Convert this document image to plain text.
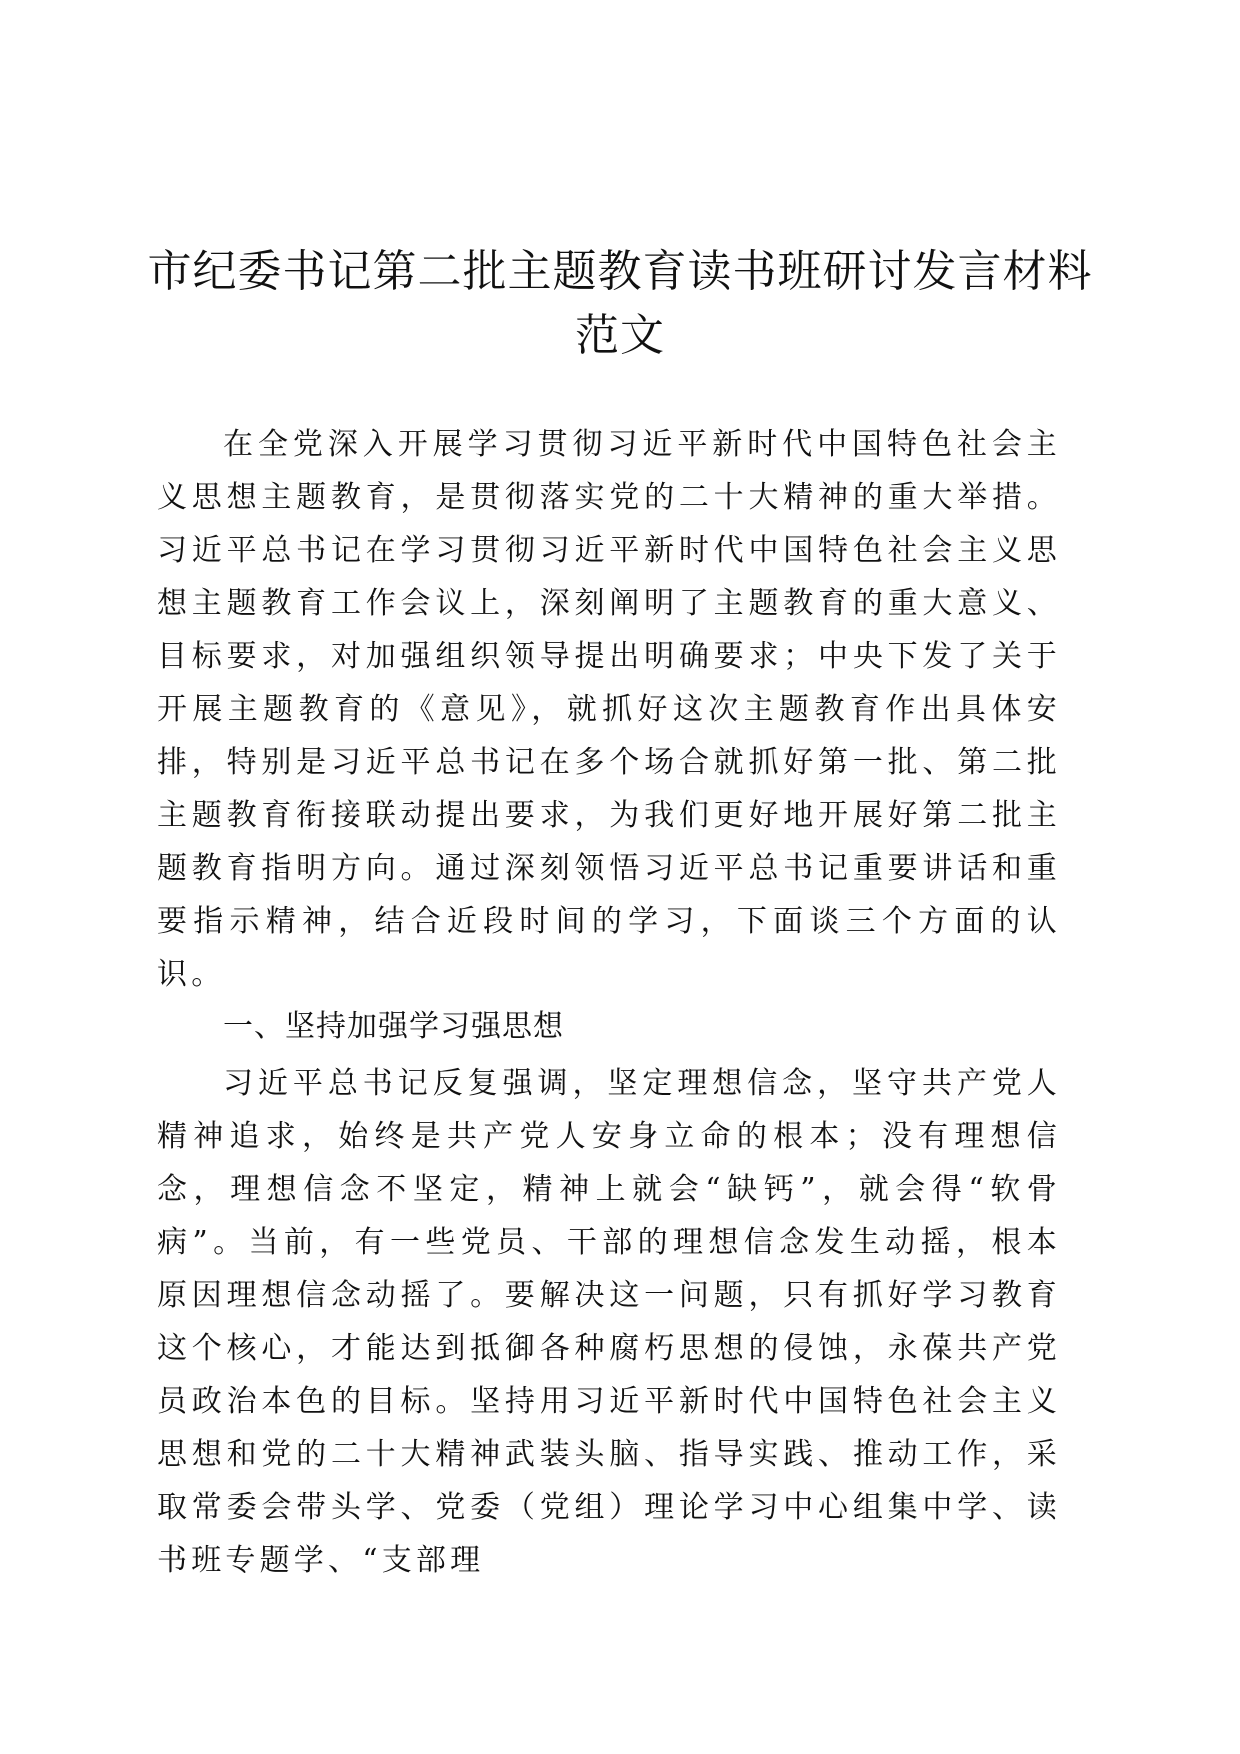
市纪委书记第二批主题教育读书班研讨发言材料范文

在全党深入开展学习贯彻习近平新时代中国特色社会主义思想主题教育，是贯彻落实党的二十大精神的重大举措。习近平总书记在学习贯彻习近平新时代中国特色社会主义思想主题教育工作会议上，深刻阐明了主题教育的重大意义、目标要求，对加强组织领导提出明确要求；中央下发了关于开展主题教育的《意见》，就抓好这次主题教育作出具体安排，特别是习近平总书记在多个场合就抓好第一批、第二批主题教育衔接联动提出要求，为我们更好地开展好第二批主题教育指明方向。通过深刻领悟习近平总书记重要讲话和重要指示精神，结合近段时间的学习，下面谈三个方面的认识。

一、坚持加强学习强思想

习近平总书记反复强调，坚定理想信念，坚守共产党人精神追求，始终是共产党人安身立命的根本；没有理想信念，理想信念不坚定，精神上就会“缺钙”，就会得“软骨病”。当前，有一些党员、干部的理想信念发生动摇，根本原因理想信念动摇了。要解决这一问题，只有抓好学习教育这个核心，才能达到抵御各种腐朽思想的侵蚀，永葆共产党员政治本色的目标。坚持用习近平新时代中国特色社会主义思想和党的二十大精神武装头脑、指导实践、推动工作，采取常委会带头学、党委（党组）理论学习中心组集中学、读书班专题学、“支部理
